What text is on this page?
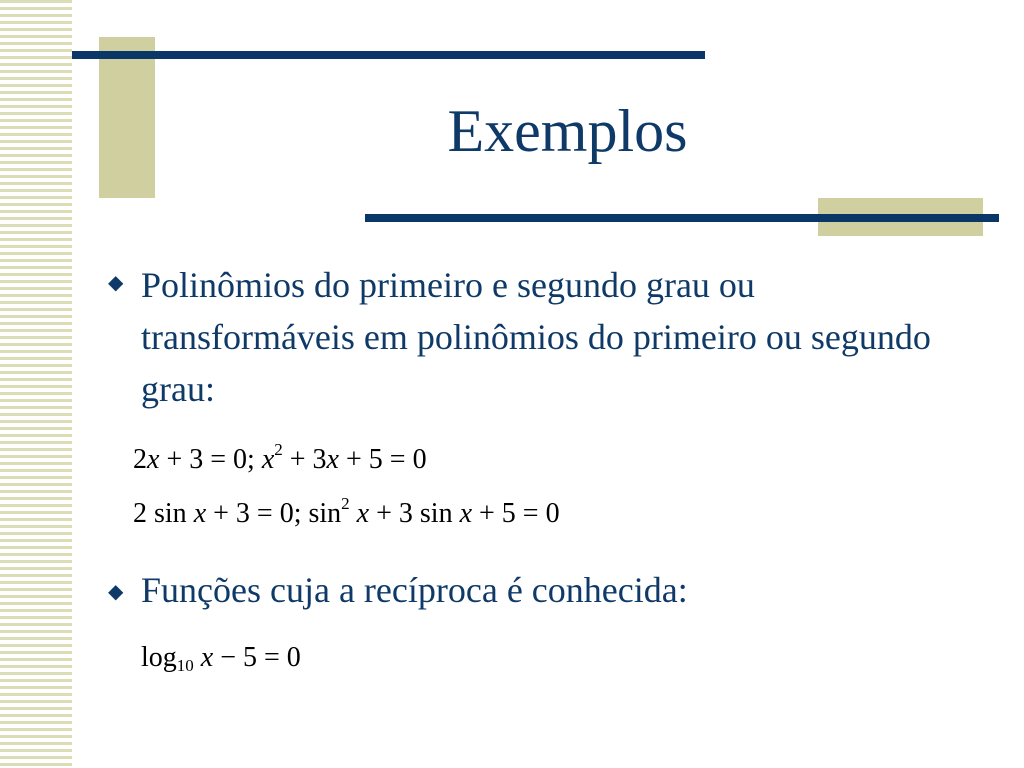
Exemplos
◆ Polinômios do primeiro e segundo grau ou transformáveis em polinômios do primeiro ou segundo grau:
2x + 3 = 0; $x^2 + 3x + 5 = 0$
2 sin x + 3 = 0; $\sin^2 x + 3$ sin x + 5 = 0
◆ Funções cuja a recíproca é conhecida:
$\log_{10} x - 5 = 0$
